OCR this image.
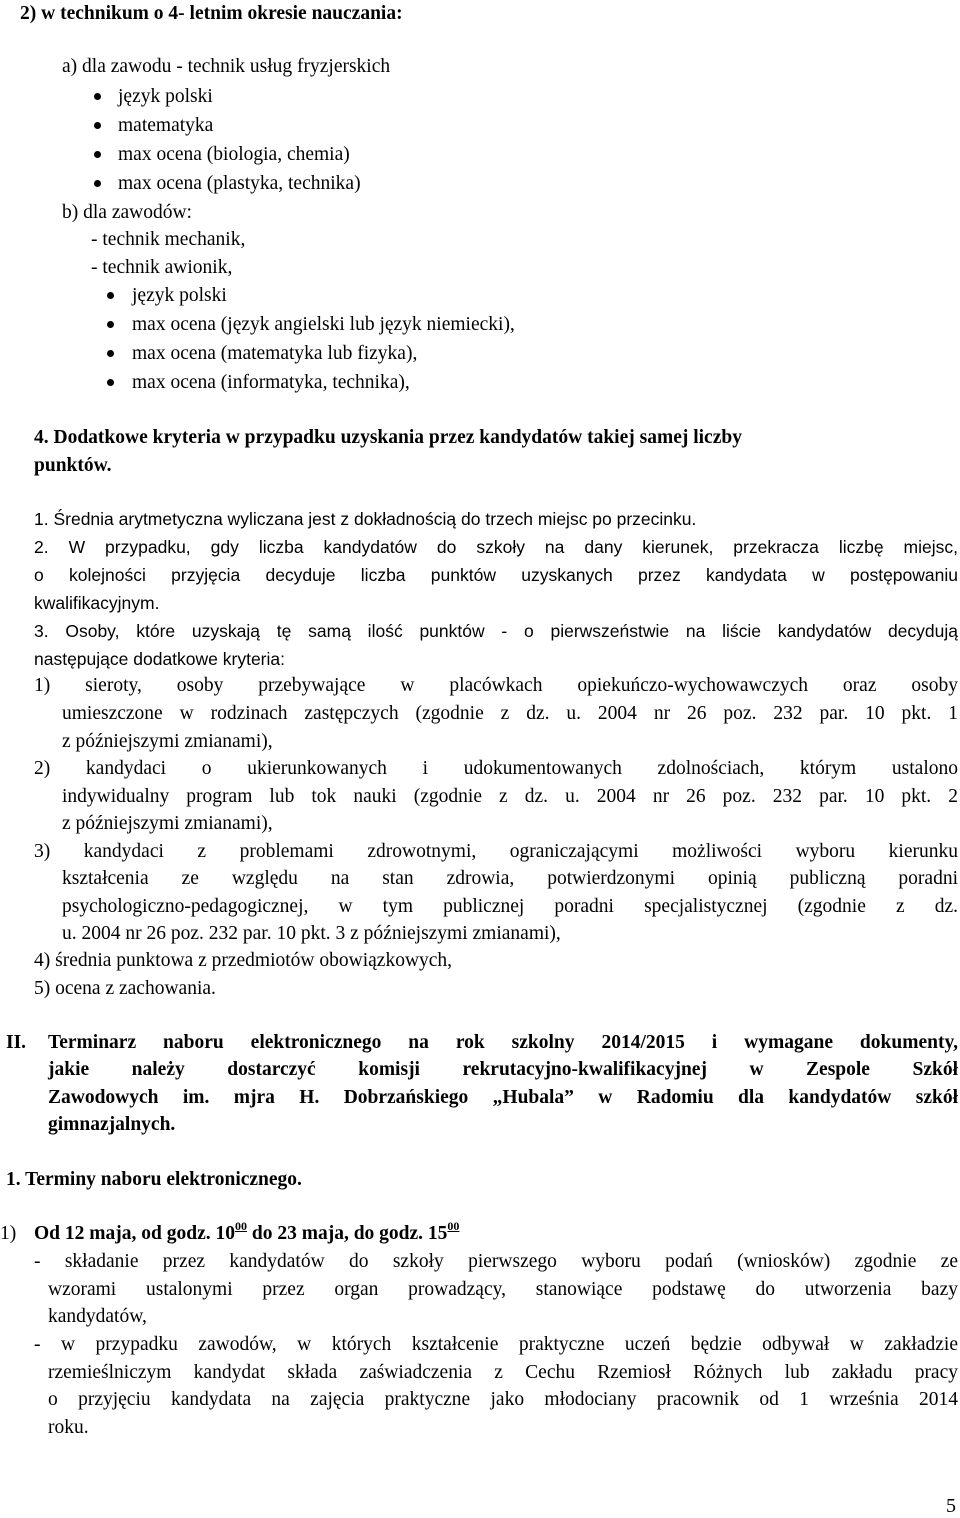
2) w technikum o 4- letnim okresie nauczania:
a) dla zawodu - technik usług fryzjerskich
język polski
matematyka
max ocena (biologia, chemia)
max ocena (plastyka, technika)
b) dla zawodów:
- technik mechanik,
- technik awionik,
język polski
max ocena (język angielski lub język niemiecki),
max ocena (matematyka lub fizyka),
max ocena (informatyka, technika),
4. Dodatkowe kryteria w przypadku uzyskania przez kandydatów takiej samej liczby
punktów.
1. Średnia arytmetyczna wyliczana jest z dokładnością do trzech miejsc po przecinku.
2. W przypadku, gdy liczba kandydatów do szkoły na dany kierunek, przekracza liczbę miejsc,
o kolejności przyjęcia decyduje liczba punktów uzyskanych przez kandydata w postępowaniu
kwalifikacyjnym.
3. Osoby, które uzyskają tę samą ilość punktów - o pierwszeństwie na liście kandydatów decydują
następujące dodatkowe kryteria:
1) sieroty, osoby przebywające w placówkach opiekuńczo-wychowawczych oraz osoby
umieszczone w rodzinach zastępczych (zgodnie z dz. u. 2004 nr 26 poz. 232 par. 10 pkt. 1
z późniejszymi zmianami),
2) kandydaci o ukierunkowanych i udokumentowanych zdolnościach, którym ustalono
indywidualny program lub tok nauki (zgodnie z dz. u. 2004 nr 26 poz. 232 par. 10 pkt. 2
z późniejszymi zmianami),
3) kandydaci z problemami zdrowotnymi, ograniczającymi możliwości wyboru kierunku
kształcenia ze względu na stan zdrowia, potwierdzonymi opinią publiczną poradni
psychologiczno-pedagogicznej, w tym publicznej poradni specjalistycznej (zgodnie z dz.
u. 2004 nr 26 poz. 232 par. 10 pkt. 3 z późniejszymi zmianami),
4) średnia punktowa z przedmiotów obowiązkowych,
5) ocena z zachowania.
II. Terminarz naboru elektronicznego na rok szkolny 2014/2015 i wymagane dokumenty,
jakie należy dostarczyć komisji rekrutacyjno-kwalifikacyjnej w Zespole Szkół
Zawodowych im. mjra H. Dobrzańskiego „Hubala” w Radomiu dla kandydatów szkół
gimnazjalnych.
1. Terminy naboru elektronicznego.
1) Od 12 maja, od godz. $10^{00}$ do 23 maja, do godz. $15^{00}$
- składanie przez kandydatów do szkoły pierwszego wyboru podań (wniosków) zgodnie ze
wzorami ustalonymi przez organ prowadzący, stanowiące podstawę do utworzenia bazy
kandydatów,
- w przypadku zawodów, w których kształcenie praktyczne uczeń będzie odbywał w zakładzie
rzemieślniczym kandydat składa zaświadczenia z Cechu Rzemiosł Różnych lub zakładu pracy
o przyjęciu kandydata na zajęcia praktyczne jako młodociany pracownik od 1 września 2014
roku.
5
